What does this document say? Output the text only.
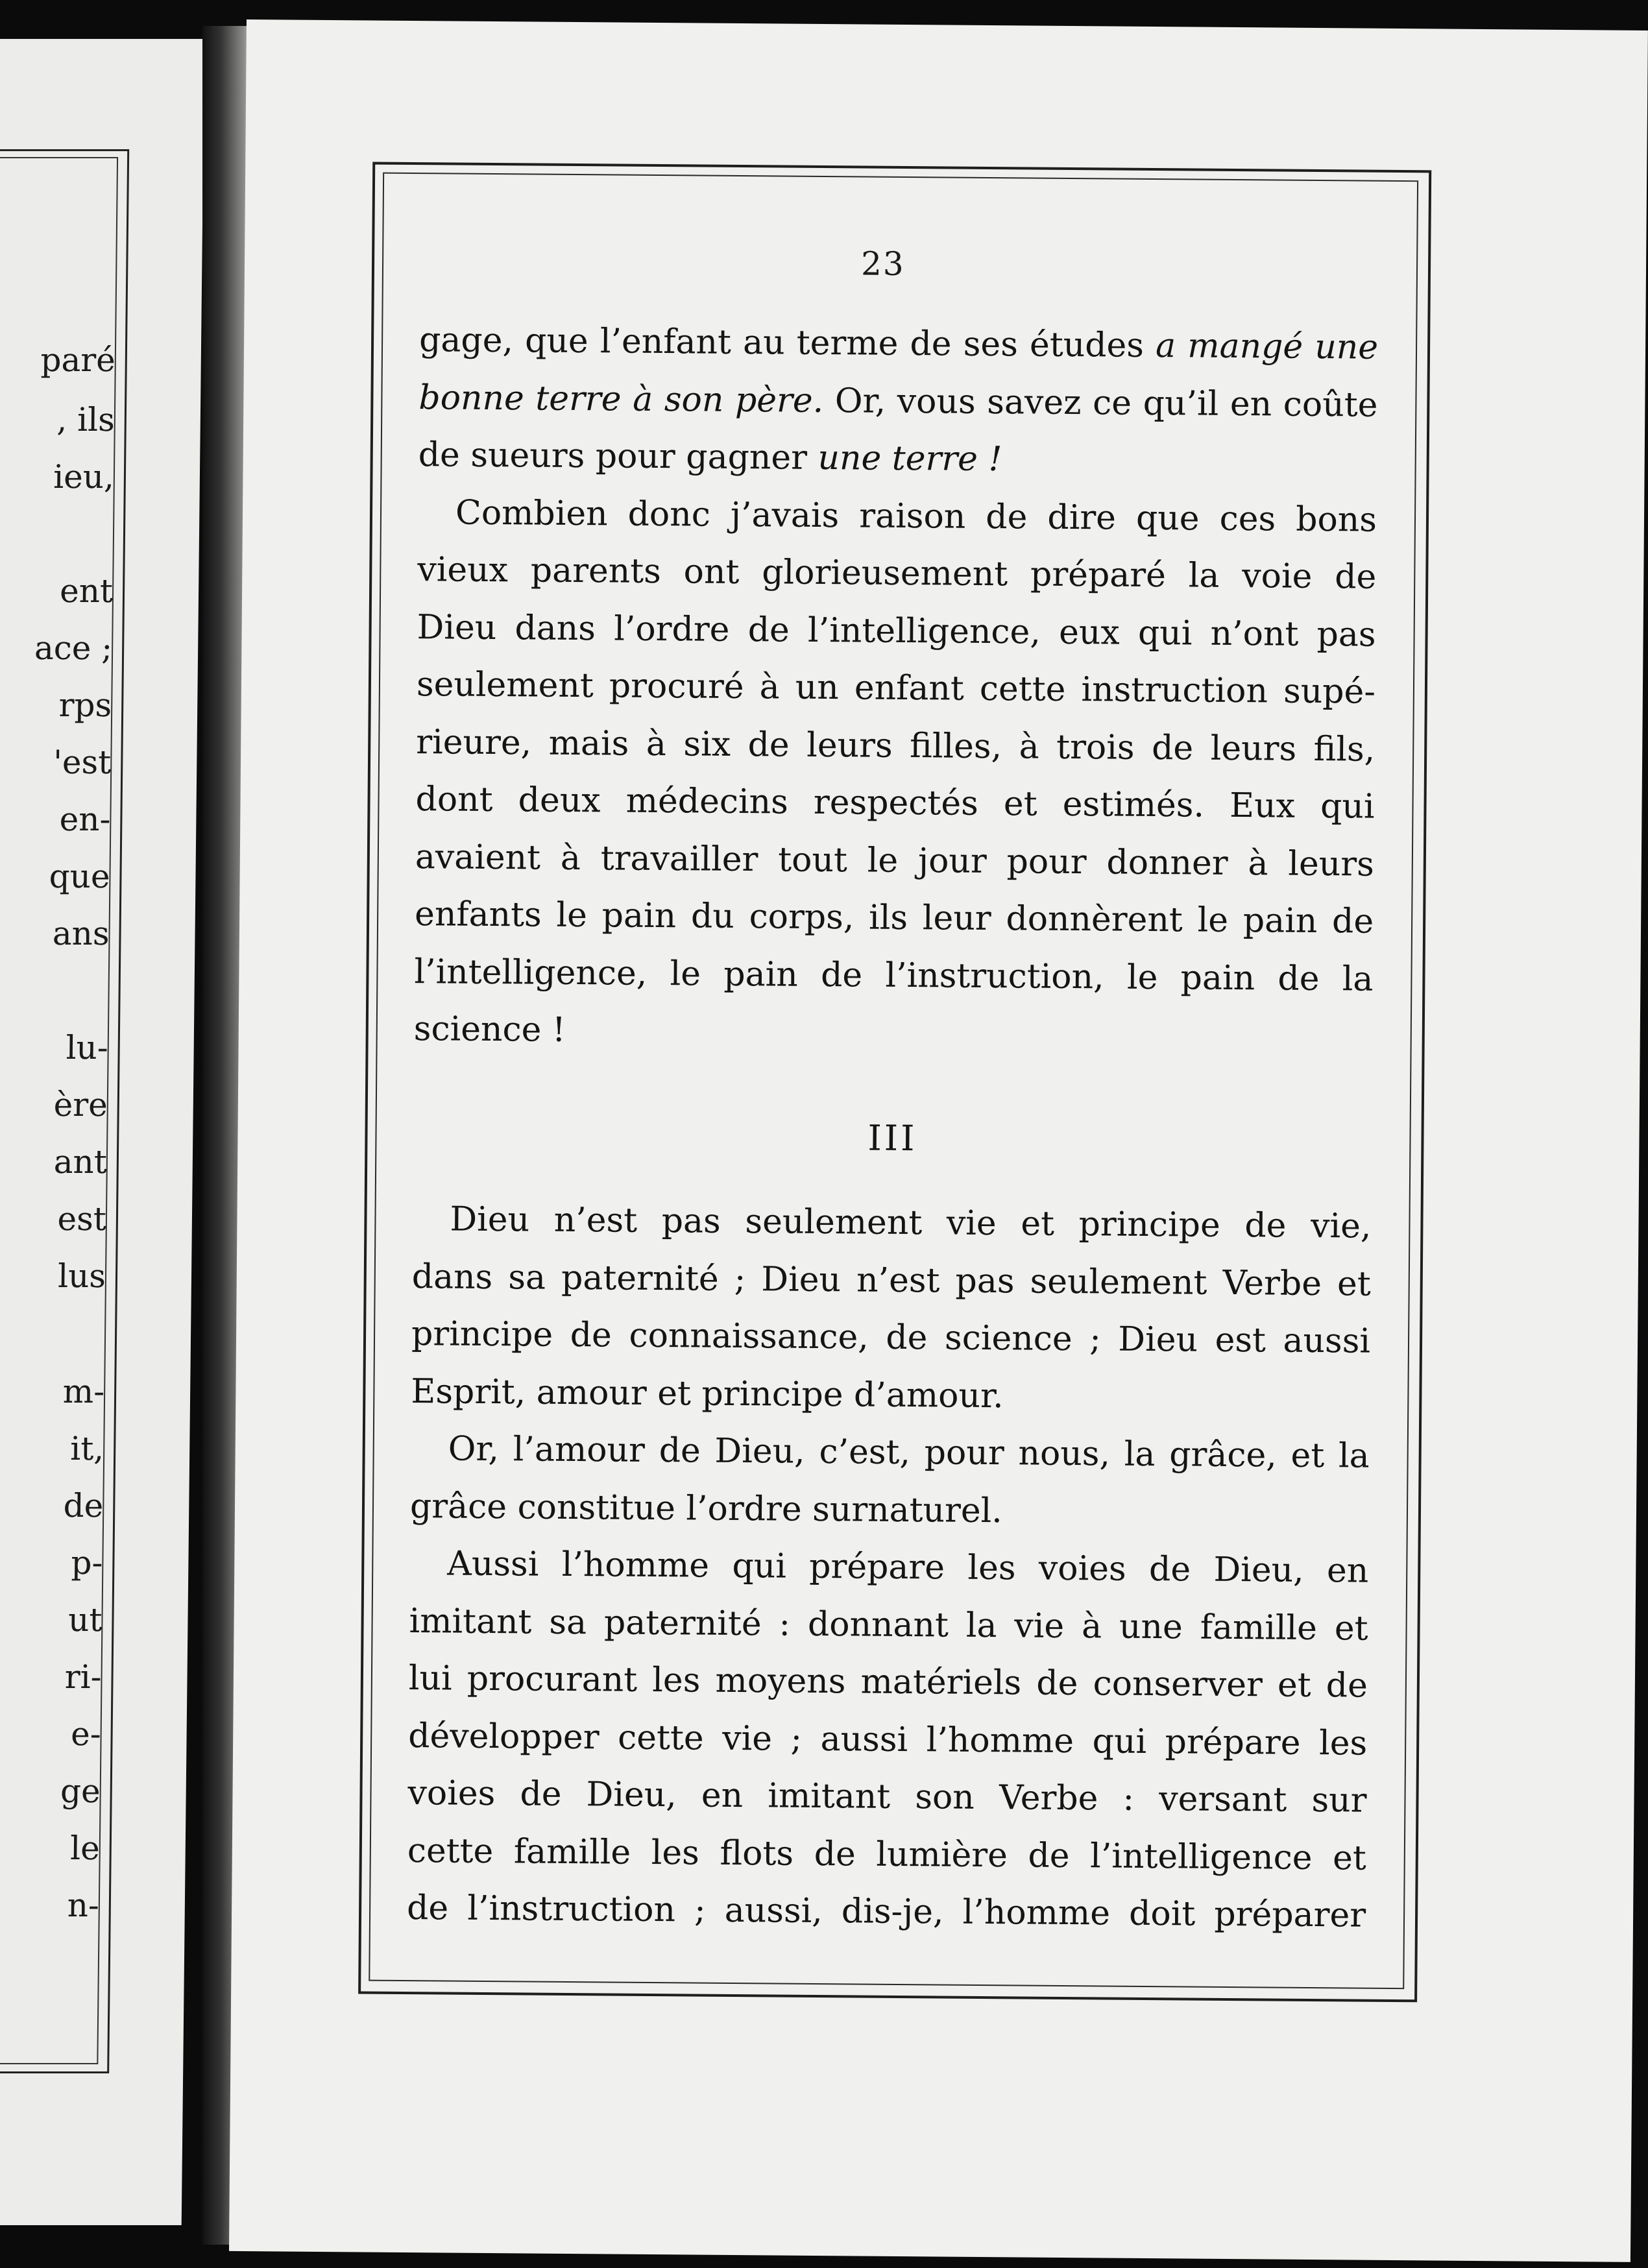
paré
, ils
ieu,
ent
ace ;
rps
'est
en-
que
ans
lu-
ère
ant
est
lus
m-
it,
de
p-
ut
ri-
e-
ge
le
n-
23
gage, que l’enfant au terme de ses études a mangé une
bonne terre à son père. Or, vous savez ce qu’il en coûte
de sueurs pour gagner une terre !
Combien donc j’avais raison de dire que ces bons
vieux parents ont glorieusement préparé la voie de
Dieu dans l’ordre de l’intelligence, eux qui n’ont pas
seulement procuré à un enfant cette instruction supé-
rieure, mais à six de leurs filles, à trois de leurs fils,
dont deux médecins respectés et estimés. Eux qui
avaient à travailler tout le jour pour donner à leurs
enfants le pain du corps, ils leur donnèrent le pain de
l’intelligence, le pain de l’instruction, le pain de la
science !
III
Dieu n’est pas seulement vie et principe de vie,
dans sa paternité ; Dieu n’est pas seulement Verbe et
principe de connaissance, de science ; Dieu est aussi
Esprit, amour et principe d’amour.
Or, l’amour de Dieu, c’est, pour nous, la grâce, et la
grâce constitue l’ordre surnaturel.
Aussi l’homme qui prépare les voies de Dieu, en
imitant sa paternité : donnant la vie à une famille et
lui procurant les moyens matériels de conserver et de
développer cette vie ; aussi l’homme qui prépare les
voies de Dieu, en imitant son Verbe : versant sur
cette famille les flots de lumière de l’intelligence et
de l’instruction ; aussi, dis-je, l’homme doit préparer
